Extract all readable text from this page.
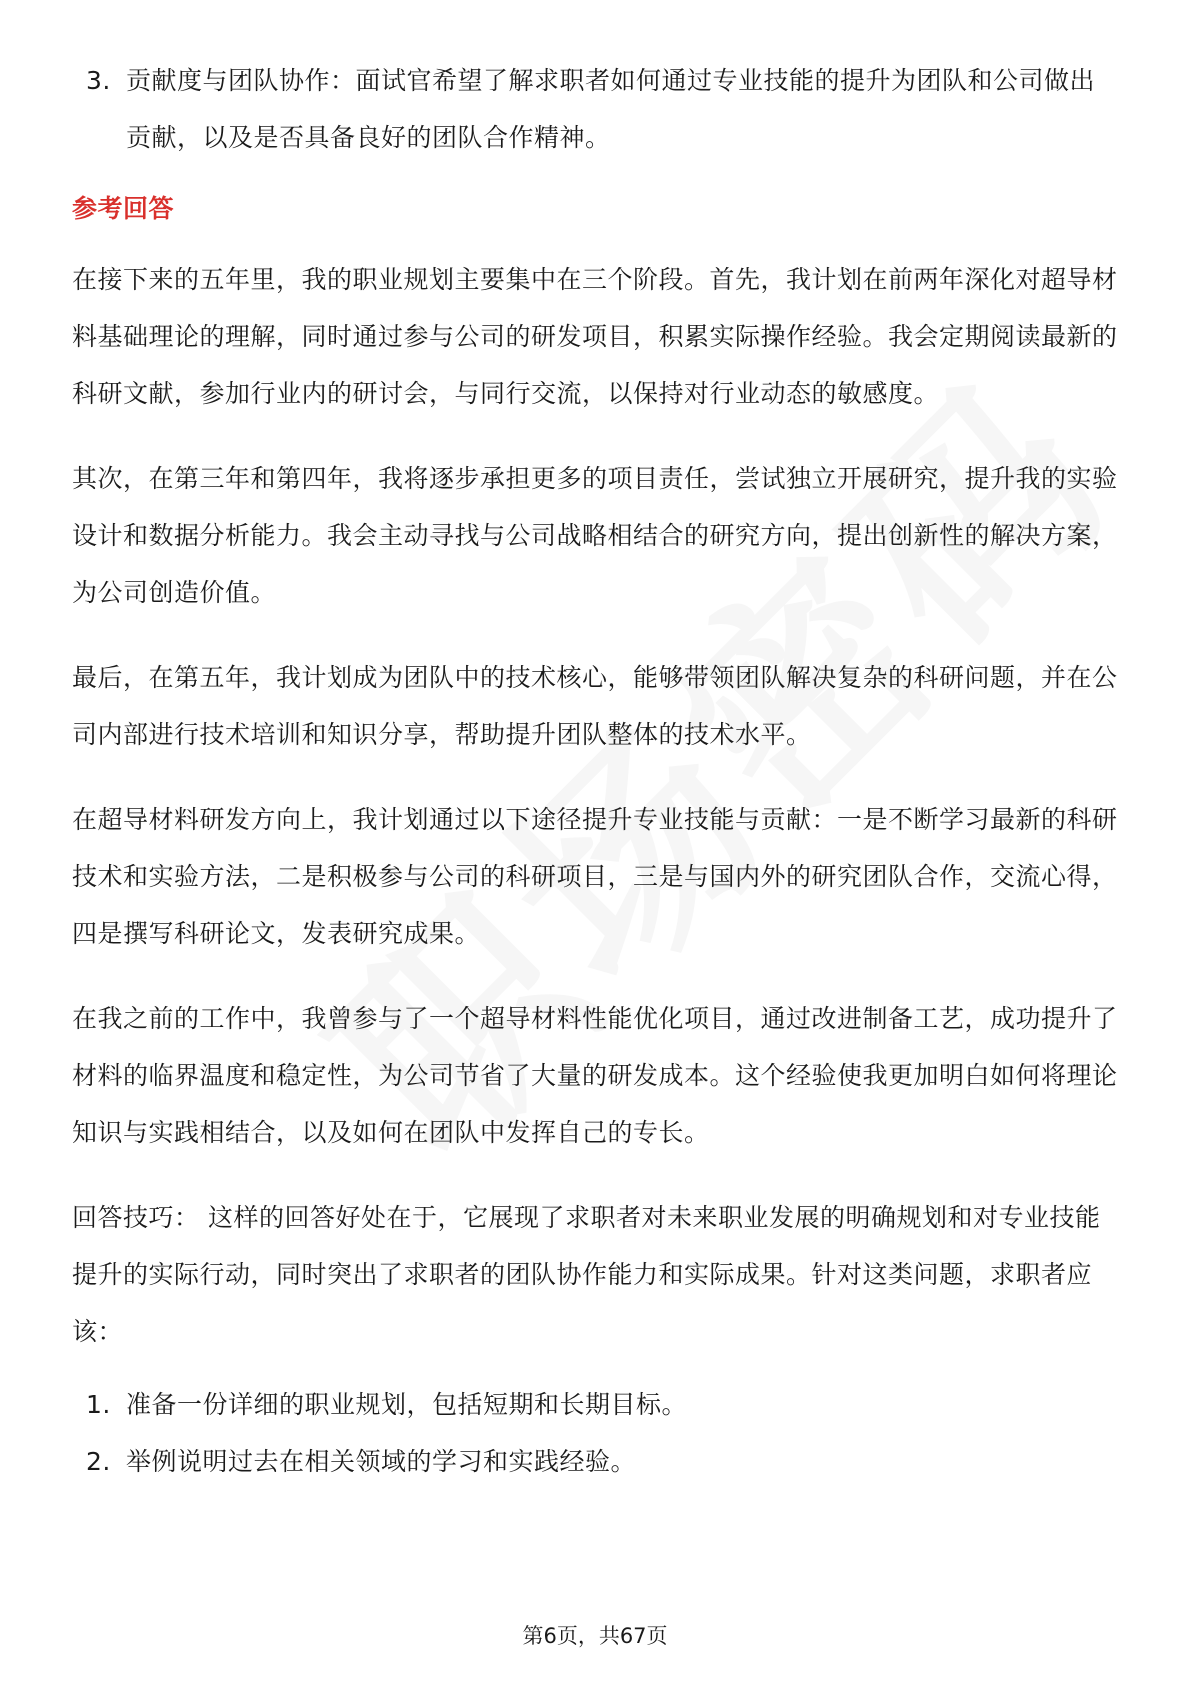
3. 贡献度与团队协作：面试官希望了解求职者如何通过专业技能的提升为团队和公司做出贡献，以及是否具备良好的团队合作精神。
参考回答

在接下来的五年里，我的职业规划主要集中在三个阶段。首先，我计划在前两年深化对超导材料基础理论的理解，同时通过参与公司的研发项目，积累实际操作经验。我会定期阅读最新的科研文献，参加行业内的研讨会，与同行交流，以保持对行业动态的敏感度。

其次，在第三年和第四年，我将逐步承担更多的项目责任，尝试独立开展研究，提升我的实验设计和数据分析能力。我会主动寻找与公司战略相结合的研究方向，提出创新性的解决方案，为公司创造价值。

最后，在第五年，我计划成为团队中的技术核心，能够带领团队解决复杂的科研问题，并在公司内部进行技术培训和知识分享，帮助提升团队整体的技术水平。

在超导材料研发方向上，我计划通过以下途径提升专业技能与贡献：一是不断学习最新的科研技术和实验方法，二是积极参与公司的科研项目，三是与国内外的研究团队合作，交流心得，四是撰写科研论文，发表研究成果。

在我之前的工作中，我曾参与了一个超导材料性能优化项目，通过改进制备工艺，成功提升了材料的临界温度和稳定性，为公司节省了大量的研发成本。这个经验使我更加明白如何将理论知识与实践相结合，以及如何在团队中发挥自己的专长。

回答技巧： 这样的回答好处在于，它展现了求职者对未来职业发展的明确规划和对专业技能提升的实际行动，同时突出了求职者的团队协作能力和实际成果。针对这类问题，求职者应该：

1. 准备一份详细的职业规划，包括短期和长期目标。
2. 举例说明过去在相关领域的学习和实践经验。
第6页，共67页
